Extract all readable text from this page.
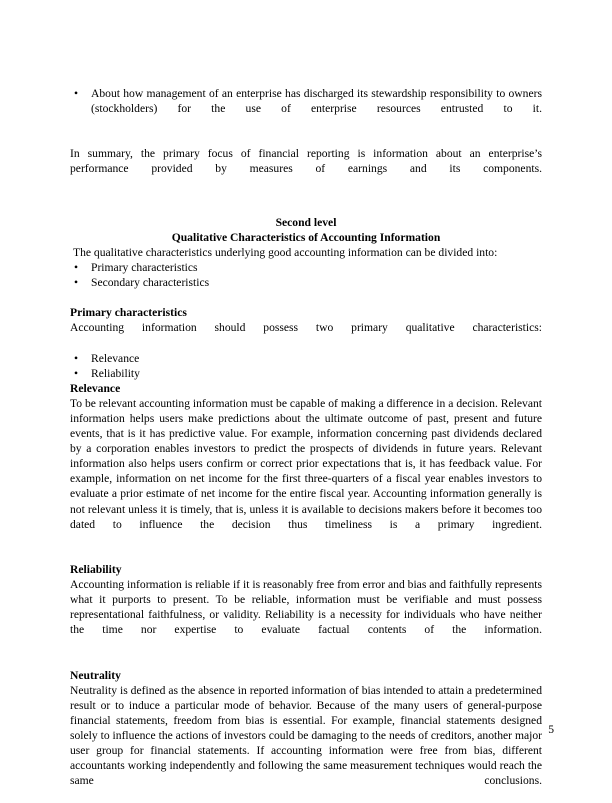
• About how management of an enterprise has discharged its stewardship responsibility to owners (stockholders) for the use of enterprise resources entrusted to it.

In summary, the primary focus of financial reporting is information about an enterprise’s performance provided by measures of earnings and its components.

Second level

Qualitative Characteristics of Accounting Information

The qualitative characteristics underlying good accounting information can be divided into:

• Primary characteristics
• Secondary characteristics

Primary characteristics

Accounting information should possess two primary qualitative characteristics:

• Relevance
• Reliability

Relevance

To be relevant accounting information must be capable of making a difference in a decision. Relevant information helps users make predictions about the ultimate outcome of past, present and future events, that is it has predictive value. For example, information concerning past dividends declared by a corporation enables investors to predict the prospects of dividends in future years. Relevant information also helps users confirm or correct prior expectations that is, it has feedback value. For example, information on net income for the first three-quarters of a fiscal year enables investors to evaluate a prior estimate of net income for the entire fiscal year. Accounting information generally is not relevant unless it is timely, that is, unless it is available to decisions makers before it becomes too dated to influence the decision thus timeliness is a primary ingredient.

Reliability

Accounting information is reliable if it is reasonably free from error and bias and faithfully represents what it purports to present. To be reliable, information must be verifiable and must possess representational faithfulness, or validity. Reliability is a necessity for individuals who have neither the time nor expertise to evaluate factual contents of the information.

Neutrality

Neutrality is defined as the absence in reported information of bias intended to attain a predetermined result or to induce a particular mode of behavior. Because of the many users of general-purpose financial statements, freedom from bias is essential. For example, financial statements designed solely to influence the actions of investors could be damaging to the needs of creditors, another major user group for financial statements. If accounting information were free from bias, different accountants working independently and following the same measurement techniques would reach the same conclusions.

5
